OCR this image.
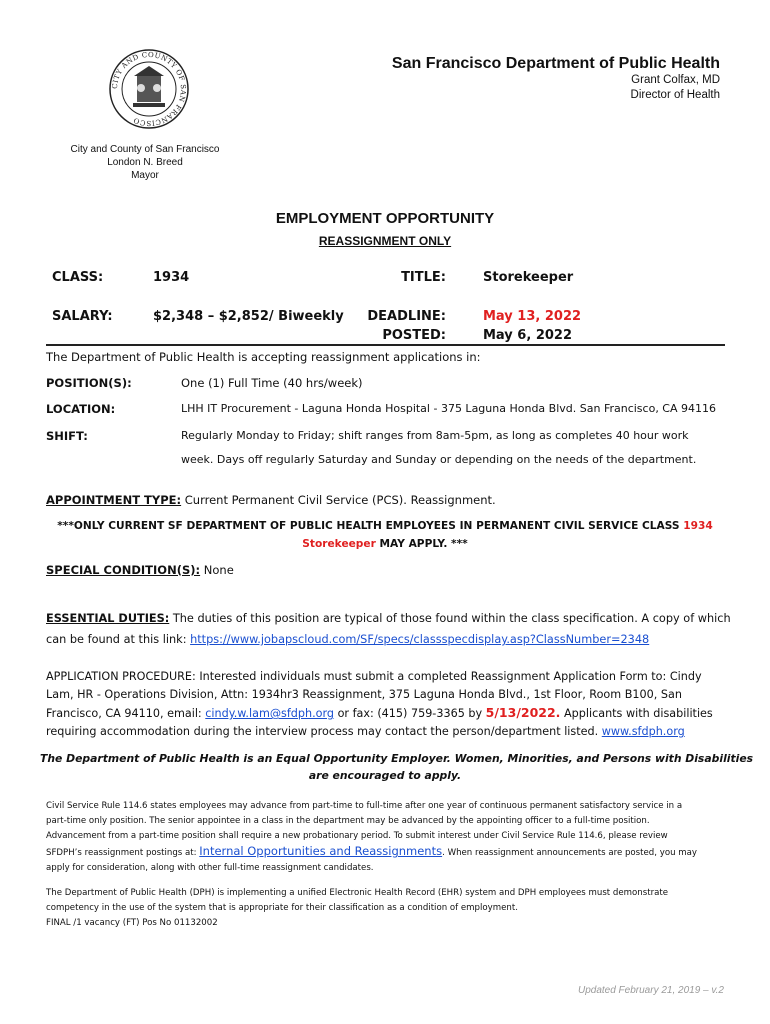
CITY AND COUNTY OF SAN FRANCISCO
San Francisco Department of Public Health
Grant Colfax, MD
Director of Health
City and County of San Francisco
London N. Breed
Mayor
EMPLOYMENT OPPORTUNITY
REASSIGNMENT ONLY
CLASS:	1934	TITLE:	Storekeeper
SALARY:	$2,348 – $2,852/ Biweekly	DEADLINE:	May 13, 2022
POSTED:	May 6, 2022
The Department of Public Health is accepting reassignment applications in:
POSITION(S):	One (1) Full Time (40 hrs/week)
LOCATION:	LHH IT Procurement - Laguna Honda Hospital - 375 Laguna Honda Blvd. San Francisco, CA 94116
SHIFT:	Regularly Monday to Friday; shift ranges from 8am-5pm, as long as completes 40 hour work
week. Days off regularly Saturday and Sunday or depending on the needs of the department.
APPOINTMENT TYPE: Current Permanent Civil Service (PCS). Reassignment.
***ONLY CURRENT SF DEPARTMENT OF PUBLIC HEALTH EMPLOYEES IN PERMANENT CIVIL SERVICE CLASS 1934
Storekeeper MAY APPLY. ***
SPECIAL CONDITION(S): None
ESSENTIAL DUTIES: The duties of this position are typical of those found within the class specification. A copy of which
can be found at this link: https://www.jobapscloud.com/SF/specs/classspecdisplay.asp?ClassNumber=2348
APPLICATION PROCEDURE: Interested individuals must submit a completed Reassignment Application Form to: Cindy
Lam, HR - Operations Division, Attn: 1934hr3 Reassignment, 375 Laguna Honda Blvd., 1st Floor, Room B100, San
Francisco, CA 94110, email: cindy.w.lam@sfdph.org or fax: (415) 759-3365 by 5/13/2022. Applicants with disabilities
requiring accommodation during the interview process may contact the person/department listed. www.sfdph.org
The Department of Public Health is an Equal Opportunity Employer. Women, Minorities, and Persons with Disabilities
are encouraged to apply.
Civil Service Rule 114.6 states employees may advance from part-time to full-time after one year of continuous permanent satisfactory service in a
part-time only position. The senior appointee in a class in the department may be advanced by the appointing officer to a full-time position.
Advancement from a part-time position shall require a new probationary period. To submit interest under Civil Service Rule 114.6, please review
SFDPH’s reassignment postings at: Internal Opportunities and Reassignments. When reassignment announcements are posted, you may
apply for consideration, along with other full-time reassignment candidates.
The Department of Public Health (DPH) is implementing a unified Electronic Health Record (EHR) system and DPH employees must demonstrate
competency in the use of the system that is appropriate for their classification as a condition of employment.
FINAL /1 vacancy (FT) Pos No 01132002
Updated February 21, 2019 – v.2
